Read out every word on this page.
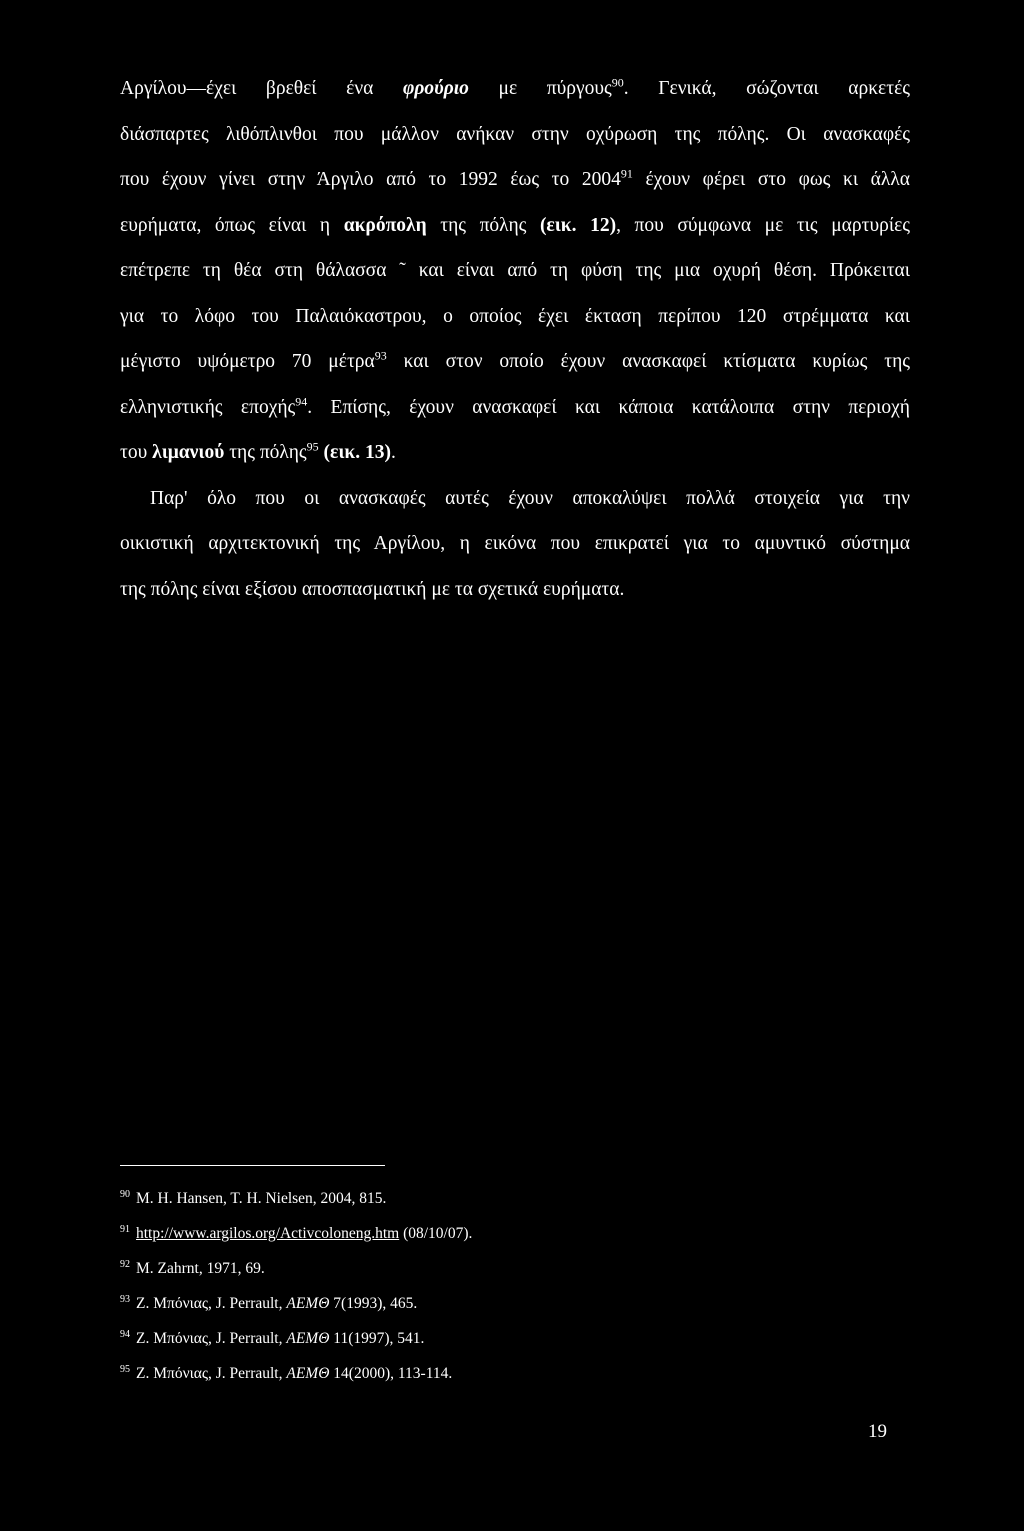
Αργίλου—έχει βρεθεί ένα φρούριο με πύργους$^{90}$. Γενικά, σώζονται αρκετές
διάσπαρτες λιθόπλινθοι που μάλλον ανήκαν στην οχύρωση της πόλης. Οι ανασκαφές
που έχουν γίνει στην Άργιλο από το 1992 έως το 2004$^{91}$ έχουν φέρει στο φως κι άλλα
ευρήματα, όπως είναι η ακρόπολη της πόλης (εικ. 12), που σύμφωνα με τις μαρτυρίες
επέτρεπε τη θέα στη θάλασσα ˜ και είναι από τη φύση της μια οχυρή θέση. Πρόκειται
για το λόφο του Παλαιόκαστρου, ο οποίος έχει έκταση περίπου 120 στρέμματα και
μέγιστο υψόμετρο 70 μέτρα$^{93}$ και στον οποίο έχουν ανασκαφεί κτίσματα κυρίως της
ελληνιστικής εποχής$^{94}$. Επίσης, έχουν ανασκαφεί και κάποια κατάλοιπα στην περιοχή
του λιμανιού της πόλης$^{95}$ (εικ. 13).
Παρ' όλο που οι ανασκαφές αυτές έχουν αποκαλύψει πολλά στοιχεία για την
οικιστική αρχιτεκτονική της Αργίλου, η εικόνα που επικρατεί για το αμυντικό σύστημα
της πόλης είναι εξίσου αποσπασματική με τα σχετικά ευρήματα.
$^{90}$ M. H. Hansen, T. H. Nielsen, 2004, 815.
$^{91}$ http://www.argilos.org/Activcoloneng.htm (08/10/07).
$^{92}$ M. Zahrnt, 1971, 69.
$^{93}$ Ζ. Μπόνιας, J. Perrault, ΑΕΜΘ 7(1993), 465.
$^{94}$ Ζ. Μπόνιας, J. Perrault, ΑΕΜΘ 11(1997), 541.
$^{95}$ Ζ. Μπόνιας, J. Perrault, ΑΕΜΘ 14(2000), 113-114.
19
